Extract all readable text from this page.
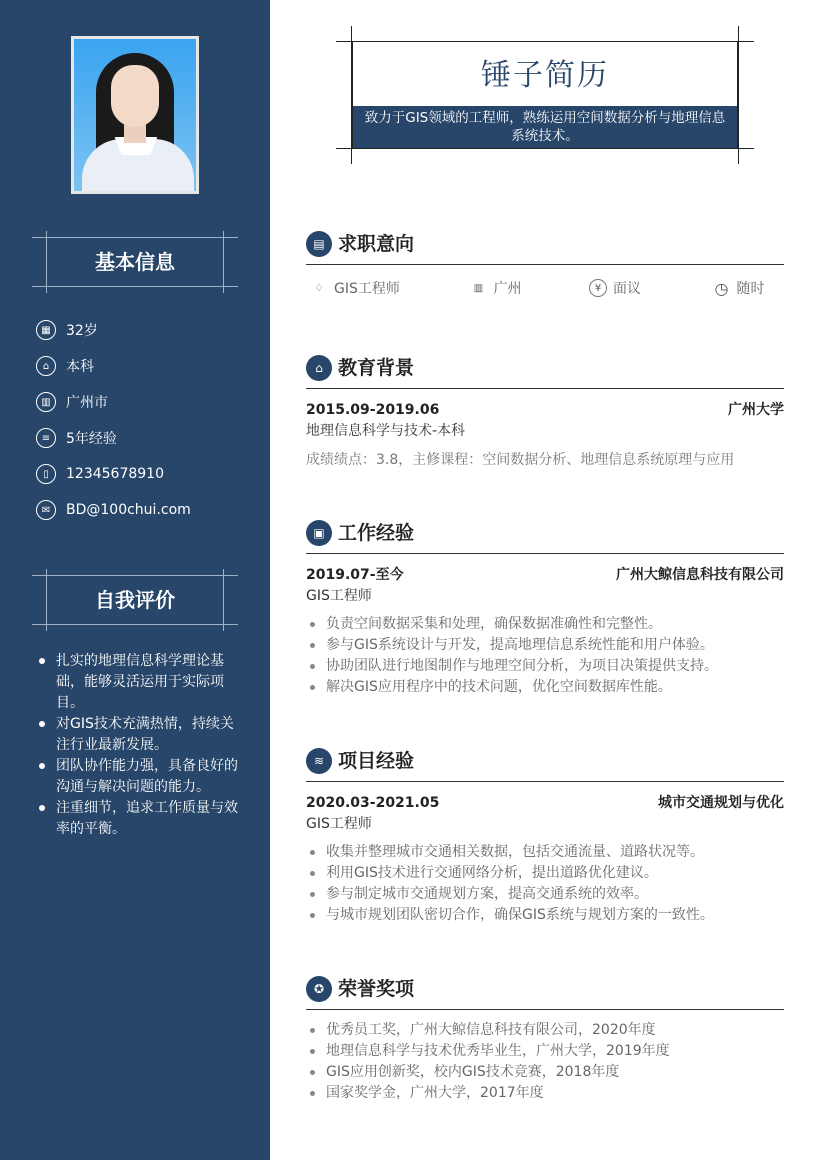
基本信息
▦	32岁
⌂	本科
▥	广州市
≡	5年经验
▯	12345678910
✉	BD@100chui.com
自我评价
扎实的地理信息科学理论基础，能够灵活运用于实际项目。
对GIS技术充满热情，持续关注行业最新发展。
团队协作能力强，具备良好的沟通与解决问题的能力。
注重细节，追求工作质量与效率的平衡。
锤子简历
致力于GIS领域的工程师，熟练运用空间数据分析与地理信息系统技术。
▤ 求职意向
♢ GIS工程师	▥ 广州	¥ 面议	◷ 随时
⌂ 教育背景
2015.09-2019.06	广州大学
地理信息科学与技术-本科
成绩绩点：3.8，主修课程：空间数据分析、地理信息系统原理与应用
▣ 工作经验
2019.07-至今	广州大鲸信息科技有限公司
GIS工程师
负责空间数据采集和处理，确保数据准确性和完整性。
参与GIS系统设计与开发，提高地理信息系统性能和用户体验。
协助团队进行地图制作与地理空间分析，为项目决策提供支持。
解决GIS应用程序中的技术问题，优化空间数据库性能。
≋ 项目经验
2020.03-2021.05	城市交通规划与优化
GIS工程师
收集并整理城市交通相关数据，包括交通流量、道路状况等。
利用GIS技术进行交通网络分析，提出道路优化建议。
参与制定城市交通规划方案，提高交通系统的效率。
与城市规划团队密切合作，确保GIS系统与规划方案的一致性。
✪ 荣誉奖项
优秀员工奖，广州大鲸信息科技有限公司，2020年度
地理信息科学与技术优秀毕业生，广州大学，2019年度
GIS应用创新奖，校内GIS技术竞赛，2018年度
国家奖学金，广州大学，2017年度
